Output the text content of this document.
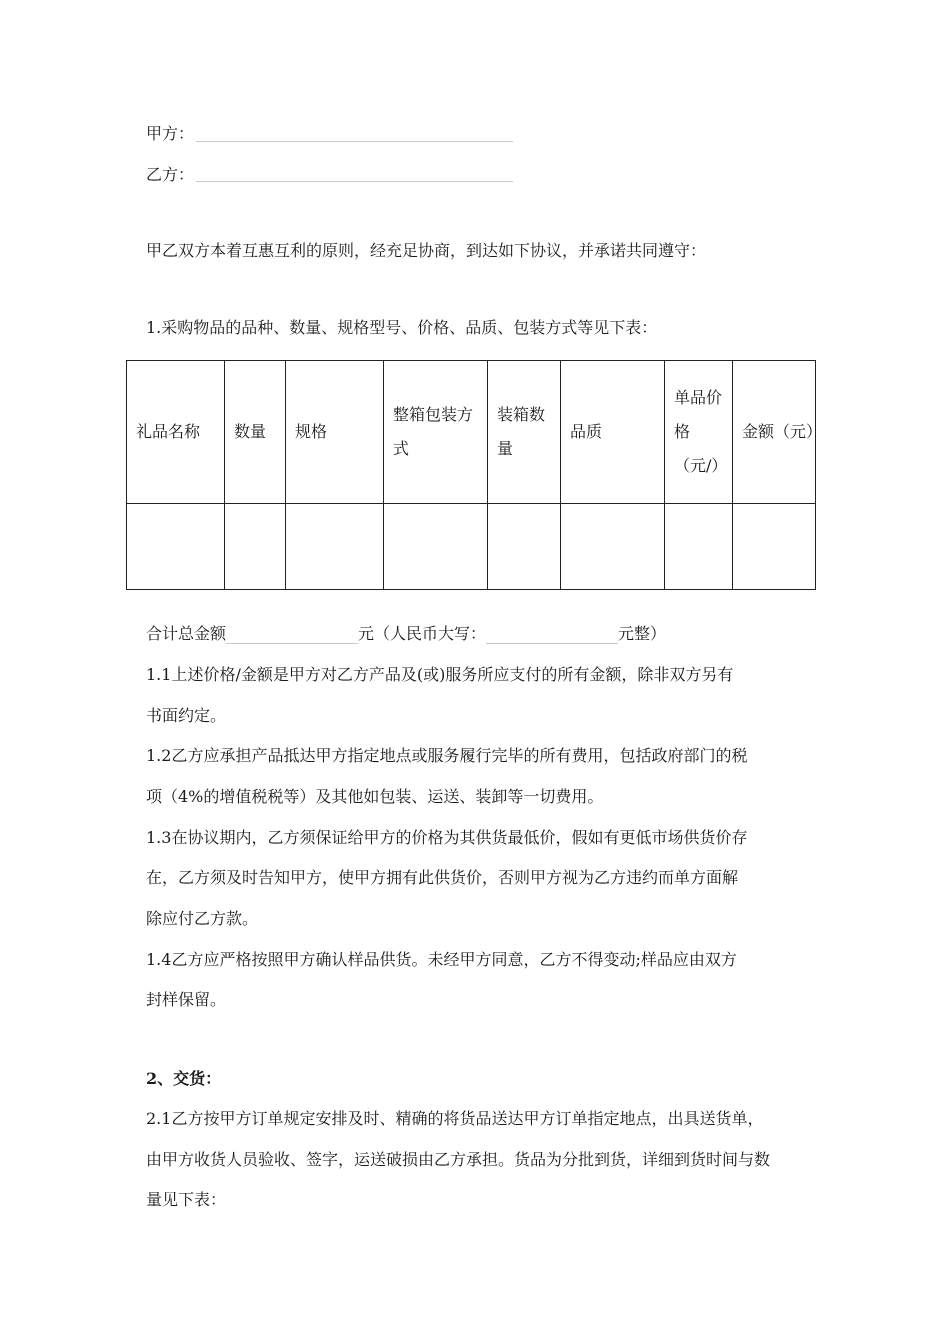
甲方：
乙方：
甲乙双方本着互惠互利的原则，经充足协商，到达如下协议，并承诺共同遵守：
1.采购物品的品种、数量、规格型号、价格、品质、包装方式等见下表：
礼品名称	数量	规格	整箱包装方式	装箱数量	品质	单品价格（元/）	金额（元）

合计总金额	元（人民币大写：	元整）
1.1上述价格/金额是甲方对乙方产品及(或)服务所应支付的所有金额，除非双方另有
书面约定。
1.2乙方应承担产品抵达甲方指定地点或服务履行完毕的所有费用，包括政府部门的税
项（4%的增值税税等）及其他如包装、运送、装卸等一切费用。
1.3在协议期内，乙方须保证给甲方的价格为其供货最低价，假如有更低市场供货价存
在，乙方须及时告知甲方，使甲方拥有此供货价，否则甲方视为乙方违约而单方面解
除应付乙方款。
1.4乙方应严格按照甲方确认样品供货。未经甲方同意，乙方不得变动;样品应由双方
封样保留。
2、交货：
2.1乙方按甲方订单规定安排及时、精确的将货品送达甲方订单指定地点，出具送货单，
由甲方收货人员验收、签字，运送破损由乙方承担。货品为分批到货，详细到货时间与数
量见下表：
